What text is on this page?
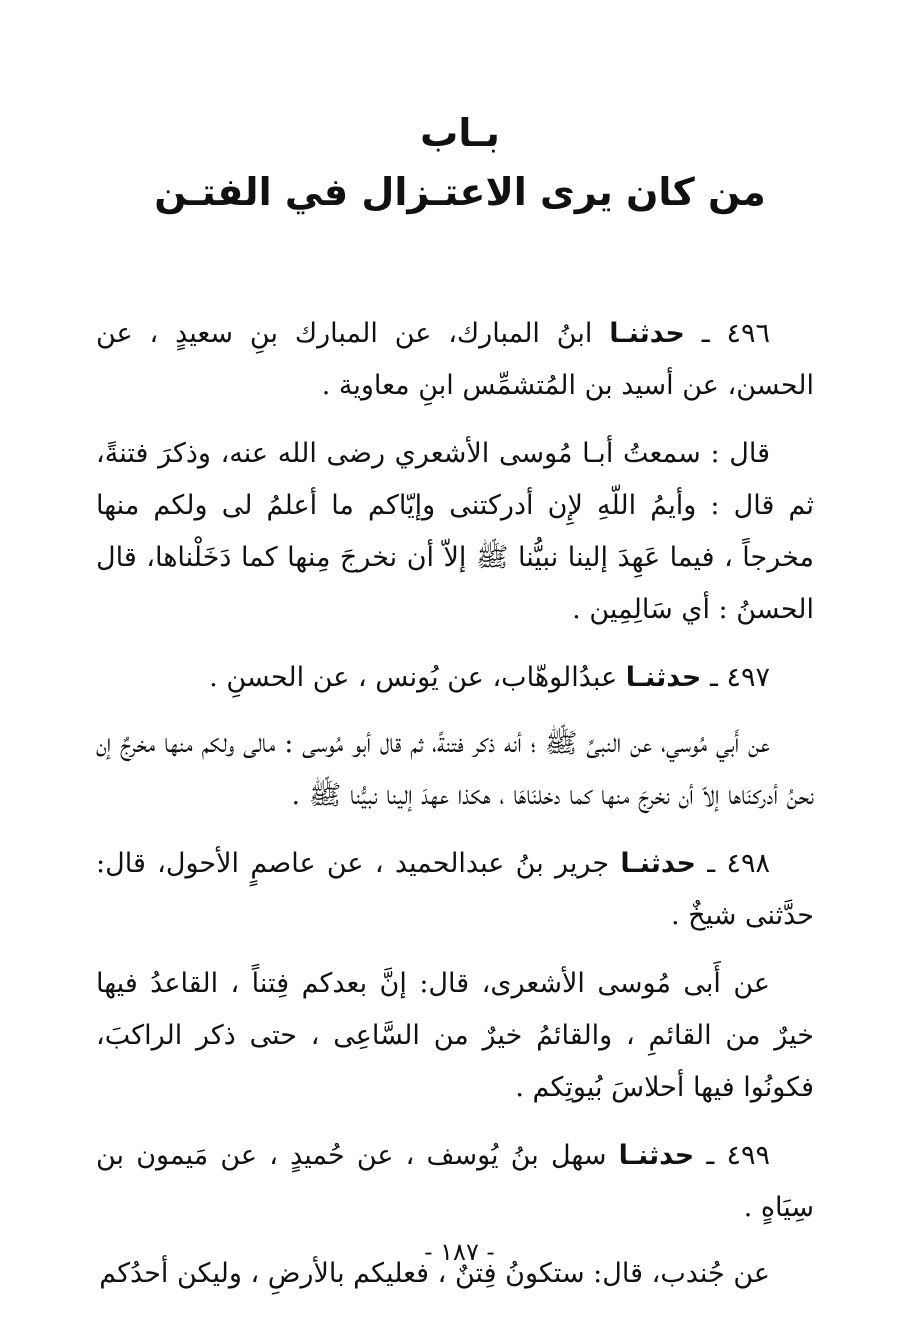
بـاب
من كان يرى الاعتـزال في الفتـن

٤٩٦ ـ حدثنـا ابنُ المبارك، عن المبارك بنِ سعيدٍ ، عن الحسن، عن أسيد بن المُتشمِّس ابنِ معاوية .

قال : سمعتُ أبـا مُوسى الأشعري رضى الله عنه، وذكرَ فتنةً، ثم قال : وأيمُ اللّهِ لإِن أدركتنى وإيّاكم ما أعلمُ لى ولكم منها مخرجاً ، فيما عَهِدَ إلينا نبيُّنا ﷺ إلاّ أن نخرجَ مِنها كما دَخَلْناها، قال الحسنُ : أي سَالِمِين .

٤٩٧ ـ حدثنـا عبدُالوهّاب، عن يُونس ، عن الحسنِ .

عن أَبي مُوسي، عن النبىِّ ﷺ ؛ أنه ذكر فتنةً، ثم قال أبو مُوسى : مالى ولكم منها مخرجٌ إن نحنُ أدركنَاها إلاّ أن نخرجَ منها كما دخلنَاهَا ، هكذا عهدَ إلينا نبيُّنا ﷺ .

٤٩٨ ـ حدثنـا جرير بنُ عبدالحميد ، عن عاصمٍ الأحول، قال: حدَّثنى شيخٌ .

عن أَبى مُوسى الأشعرى، قال: إنَّ بعدكم فِتناً ، القاعدُ فيها خيرٌ من القائمِ ، والقائمُ خيرٌ من السَّاعِى ، حتى ذكر الراكبَ، فكونُوا فيها أحلاسَ بُيوتِكم .

٤٩٩ ـ حدثنـا سهل بنُ يُوسف ، عن حُميدٍ ، عن مَيمون بن سِيَاهٍ .

عن جُندب، قال: ستكونُ فِتنٌ ، فعليكم بالأرضِ ، وليكن أحدُكم

- ١٨٧ -
